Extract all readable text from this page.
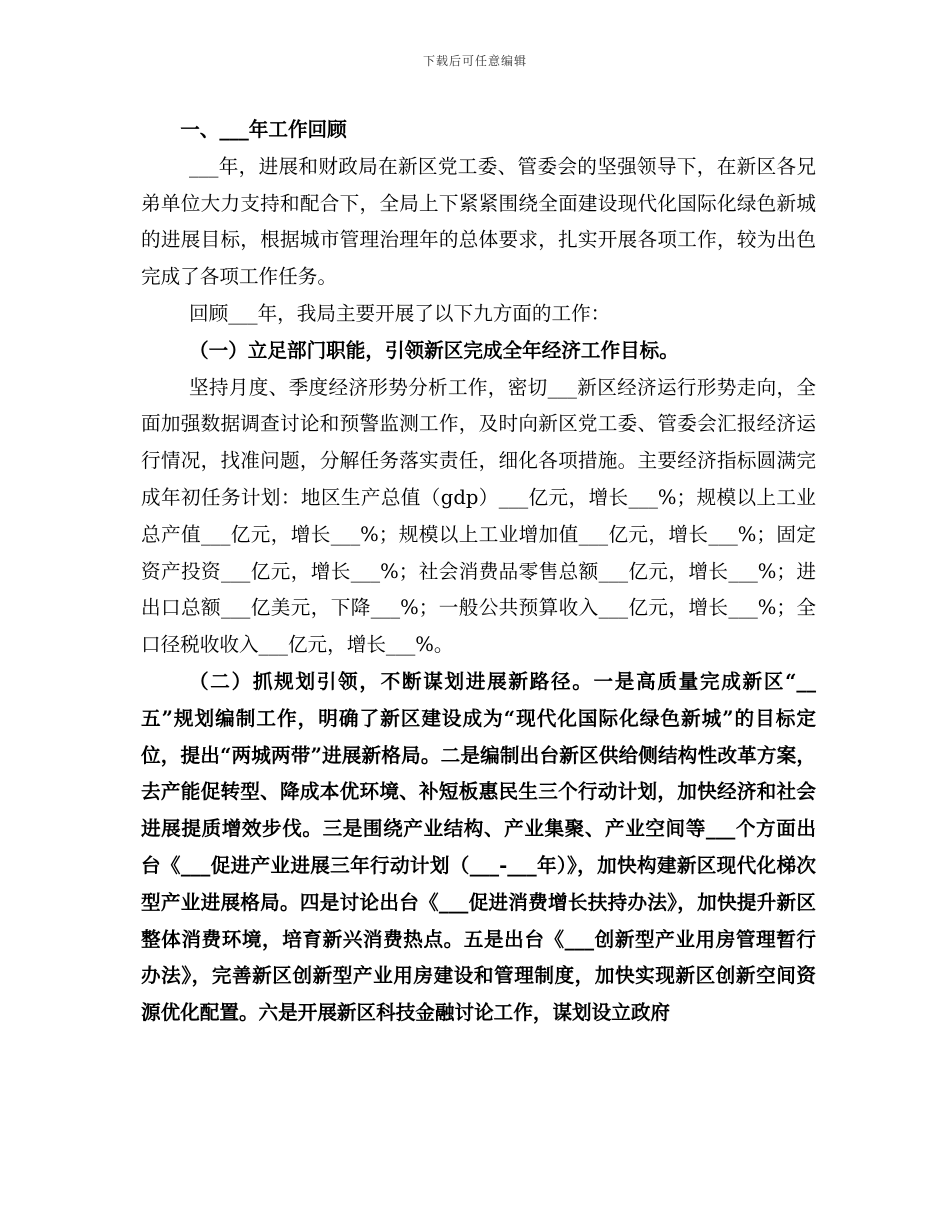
下载后可任意编辑

一、___年工作回顾

___年，进展和财政局在新区党工委、管委会的坚强领导下，在新区各兄弟单位大力支持和配合下，全局上下紧紧围绕全面建设现代化国际化绿色新城的进展目标，根据城市管理治理年的总体要求，扎实开展各项工作，较为出色完成了各项工作任务。

回顾___年，我局主要开展了以下九方面的工作：

（一）立足部门职能，引领新区完成全年经济工作目标。

坚持月度、季度经济形势分析工作，密切___新区经济运行形势走向，全面加强数据调查讨论和预警监测工作，及时向新区党工委、管委会汇报经济运行情况，找准问题，分解任务落实责任，细化各项措施。主要经济指标圆满完成年初任务计划：地区生产总值（gdp）___亿元，增长___%；规模以上工业总产值___亿元，增长___%；规模以上工业增加值___亿元，增长___%；固定资产投资___亿元，增长___%；社会消费品零售总额___亿元，增长___%；进出口总额___亿美元，下降___%；一般公共预算收入___亿元，增长___%；全口径税收收入___亿元，增长___%。

（二）抓规划引领，不断谋划进展新路径。一是高质量完成新区“__五”规划编制工作，明确了新区建设成为“现代化国际化绿色新城”的目标定位，提出“两城两带”进展新格局。二是编制出台新区供给侧结构性改革方案，去产能促转型、降成本优环境、补短板惠民生三个行动计划，加快经济和社会进展提质增效步伐。三是围绕产业结构、产业集聚、产业空间等___个方面出台《___促进产业进展三年行动计划（___-___年）》，加快构建新区现代化梯次型产业进展格局。四是讨论出台《___促进消费增长扶持办法》，加快提升新区整体消费环境，培育新兴消费热点。五是出台《___创新型产业用房管理暂行办法》，完善新区创新型产业用房建设和管理制度，加快实现新区创新空间资源优化配置。六是开展新区科技金融讨论工作，谋划设立政府
